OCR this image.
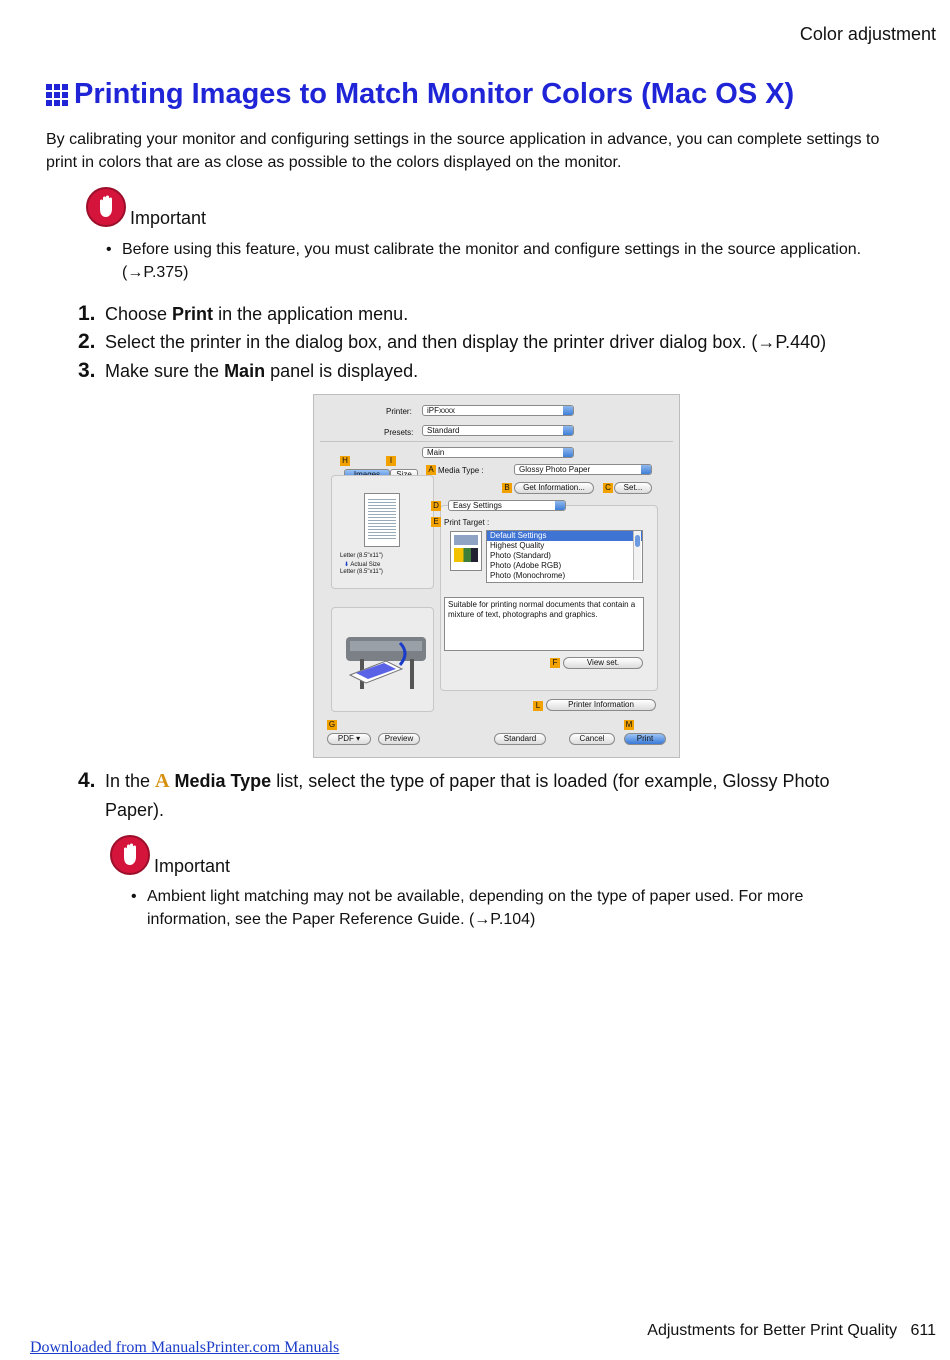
Color adjustment
Printing Images to Match Monitor Colors (Mac OS X)
By calibrating your monitor and configuring settings in the source application in advance, you can complete settings to print in colors that are as close as possible to the colors displayed on the monitor.
Important
• Before using this feature, you must calibrate the monitor and configure settings in the source application.
(→P.375)
1. Choose Print in the application menu.
2. Select the printer in the dialog box, and then display the printer driver dialog box. (→P.440)
3. Make sure the Main panel is displayed.
Printer:	iPFxxxx
Presets:	Standard
Main
H	I
Letter (8.5"x11")
⬇ Actual Size
Letter (8.5"x11")
A Media Type :	Glossy Photo Paper
B	Get Information...	C	Set...
D	Easy Settings
E Print Target :
Default Settings
Highest Quality
Photo (Standard)
Photo (Adobe RGB)
Photo (Monochrome)
Suitable for printing normal documents that contain a mixture of text, photographs and graphics.
F	View set.
L	Printer Information
G	M
PDF ▾	Preview	Standard	Cancel	Print
4. In the A Media Type list, select the type of paper that is loaded (for example, Glossy Photo
Paper).
Important
• Ambient light matching may not be available, depending on the type of paper used. For more
information, see the Paper Reference Guide. (→P.104)
Adjustments for Better Print Quality 611
Downloaded from ManualsPrinter.com Manuals
